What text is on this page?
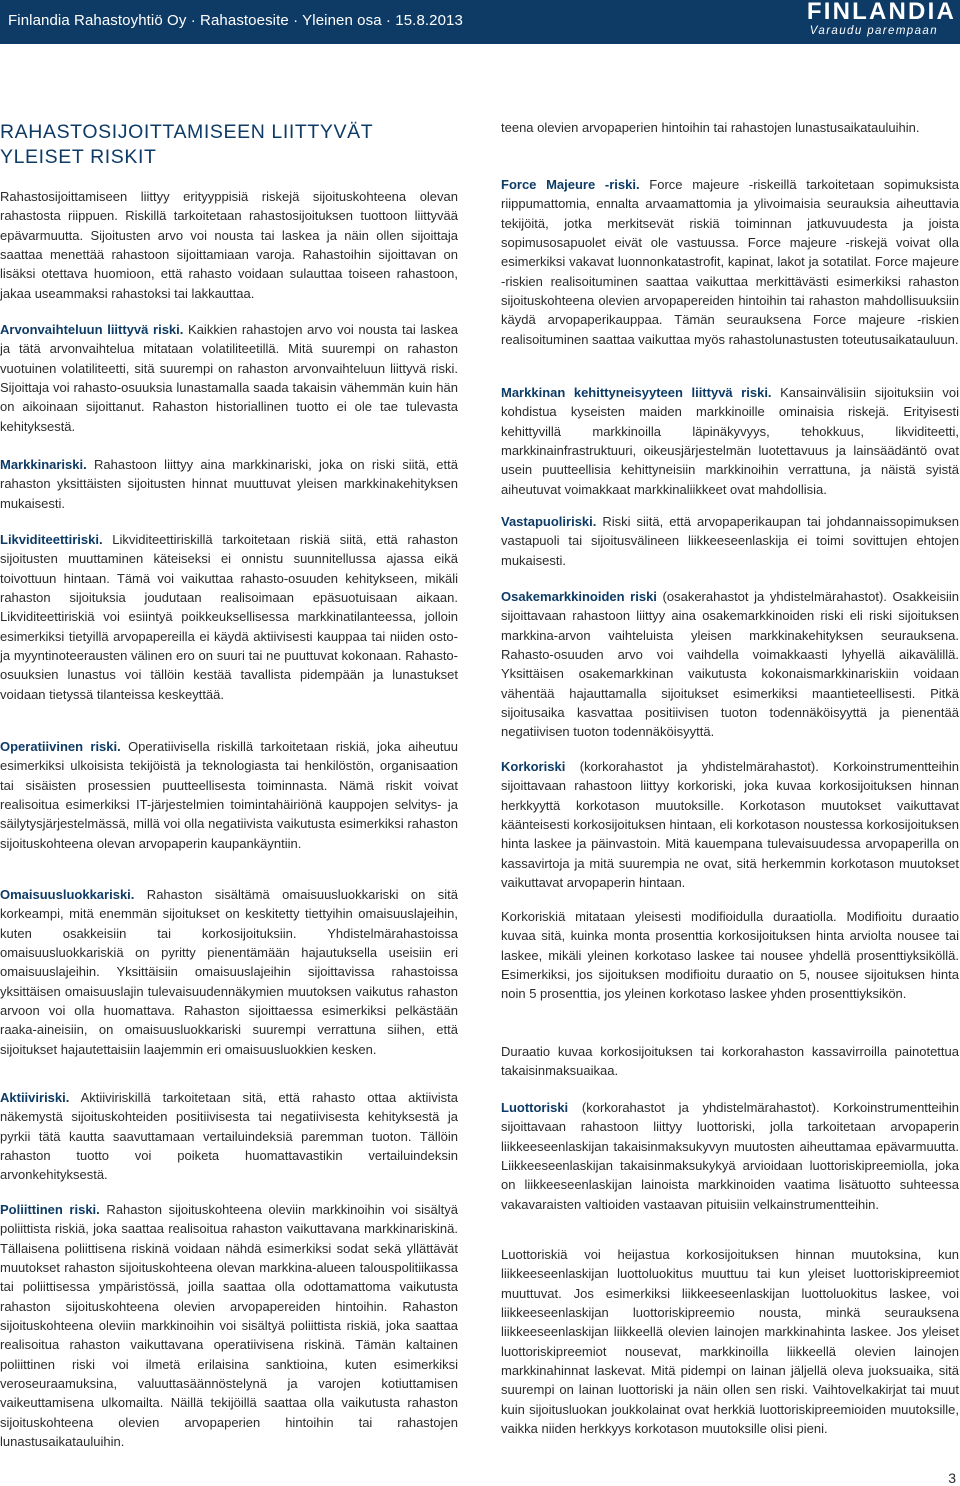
Finlandia Rahastoyhtiö Oy · Rahastoesite · Yleinen osa · 15.8.2013	FINLANDIA
Varaudu parempaan
RAHASTOSIJOITTAMISEEN LIITTYVÄT
YLEISET RISKIT

Rahastosijoittamiseen liittyy erityyppisiä riskejä sijoituskohteena olevan rahastosta riippuen. Riskillä tarkoitetaan rahastosijoituksen tuottoon liittyvää epävarmuutta. Sijoitusten arvo voi nousta tai laskea ja näin ollen sijoittaja saattaa menettää rahastoon sijoittamiaan varoja. Rahastoihin sijoittavan on lisäksi otettava huomioon, että rahasto voidaan sulauttaa toiseen rahastoon, jakaa useammaksi rahastoksi tai lakkauttaa.

Arvonvaihteluun liittyvä riski. Kaikkien rahastojen arvo voi nousta tai laskea ja tätä arvonvaihtelua mitataan volatiliteetillä. Mitä suurempi on rahaston vuotuinen volatiliteetti, sitä suurempi on rahaston arvonvaihteluun liittyvä riski. Sijoittaja voi rahasto-osuuksia lunastamalla saada takaisin vähemmän kuin hän on aikoinaan sijoittanut. Rahaston historiallinen tuotto ei ole tae tulevasta kehityksestä.

Markkinariski. Rahastoon liittyy aina markkinariski, joka on riski siitä, että rahaston yksittäisten sijoitusten hinnat muuttuvat yleisen markkinakehityksen mukaisesti.

Likviditeettiriski. Likviditeettiriskillä tarkoitetaan riskiä siitä, että rahaston sijoitusten muuttaminen käteiseksi ei onnistu suunnitellussa ajassa eikä toivottuun hintaan. Tämä voi vaikuttaa rahasto-osuuden kehitykseen, mikäli rahaston sijoituksia joudutaan realisoimaan epäsuotuisaan aikaan. Likviditeettiriskiä voi esiintyä poikkeuksellisessa markkinatilanteessa, jolloin esimerkiksi tietyillä arvopapereilla ei käydä aktiivisesti kauppaa tai niiden osto- ja myyntinoteerausten välinen ero on suuri tai ne puuttuvat kokonaan. Rahasto-osuuksien lunastus voi tällöin kestää tavallista pidempään ja lunastukset voidaan tietyssä tilanteissa keskeyttää.

Operatiivinen riski. Operatiivisella riskillä tarkoitetaan riskiä, joka aiheutuu esimerkiksi ulkoisista tekijöistä ja teknologiasta tai henkilöstön, organisaation tai sisäisten prosessien puutteellisesta toiminnasta. Nämä riskit voivat realisoitua esimerkiksi IT-järjestelmien toimintahäiriönä kauppojen selvitys- ja säilytysjärjestelmässä, millä voi olla negatiivista vaikutusta esimerkiksi rahaston sijoituskohteena olevan arvopaperin kaupankäyntiin.

Omaisuusluokkariski. Rahaston sisältämä omaisuusluokkariski on sitä korkeampi, mitä enemmän sijoitukset on keskitetty tiettyihin omaisuuslajeihin, kuten osakkeisiin tai korkosijoituksiin. Yhdistelmärahastoissa omaisuusluokkariskiä on pyritty pienentämään hajautuksella useisiin eri omaisuuslajeihin. Yksittäisiin omaisuuslajeihin sijoittavissa rahastoissa yksittäisen omaisuuslajin tulevaisuudennäkymien muutoksen vaikutus rahaston arvoon voi olla huomattava. Rahaston sijoittaessa esimerkiksi pelkästään raaka-aineisiin, on omaisuusluokkariski suurempi verrattuna siihen, että sijoitukset hajautettaisiin laajemmin eri omaisuusluokkien kesken.

Aktiiviriski. Aktiiviriskillä tarkoitetaan sitä, että rahasto ottaa aktiivista näkemystä sijoituskohteiden positiivisesta tai negatiivisesta kehityksestä ja pyrkii tätä kautta saavuttamaan vertailuindeksiä paremman tuoton. Tällöin rahaston tuotto voi poiketa huomattavastikin vertailuindeksin arvonkehityksestä.

Poliittinen riski. Rahaston sijoituskohteena oleviin markkinoihin voi sisältyä poliittista riskiä, joka saattaa realisoitua rahaston vaikuttavana markkinariskinä. Tällaisena poliittisena riskinä voidaan nähdä esimerkiksi sodat sekä yllättävät muutokset rahaston sijoituskohteena olevan markkina-alueen talouspolitiikassa tai poliittisessa ympäristössä, joilla saattaa olla odottamattoma vaikutusta rahaston sijoituskohteena olevien arvopapereiden hintoihin. Rahaston sijoituskohteena oleviin markkinoihin voi sisältyä poliittista riskiä, joka saattaa realisoitua rahaston vaikuttavana operatiivisena riskinä. Tämän kaltainen poliittinen riski voi ilmetä erilaisina sanktioina, kuten esimerkiksi veroseuraamuksina, valuuttasäännöstelynä ja varojen kotiuttamisen vaikeuttamisena ulkomailta. Näillä tekijöillä saattaa olla vaikutusta rahaston sijoituskohteena olevien arvopaperien hintoihin tai rahastojen lunastusaikatauluihin.

teena olevien arvopaperien hintoihin tai rahastojen lunastusaikatauluihin.

Force Majeure -riski. Force majeure -riskeillä tarkoitetaan sopimuksista riippumattomia, ennalta arvaamattomia ja ylivoimaisia seurauksia aiheuttavia tekijöitä, jotka merkitsevät riskiä toiminnan jatkuvuudesta ja joista sopimusosapuolet eivät ole vastuussa. Force majeure -riskejä voivat olla esimerkiksi vakavat luonnonkatastrofit, kapinat, lakot ja sotatilat. Force majeure -riskien realisoituminen saattaa vaikuttaa merkittävästi esimerkiksi rahaston sijoituskohteena olevien arvopapereiden hintoihin tai rahaston mahdollisuuksiin käydä arvopaperikauppaa. Tämän seurauksena Force majeure -riskien realisoituminen saattaa vaikuttaa myös rahastolunastusten toteutusaikatauluun.

Markkinan kehittyneisyyteen liittyvä riski. Kansainvälisiin sijoituksiin voi kohdistua kyseisten maiden markkinoille ominaisia riskejä. Erityisesti kehittyvillä markkinoilla läpinäkyvyys, tehokkuus, likviditeetti, markkinainfrastruktuuri, oikeusjärjestelmän luotettavuus ja lainsäädäntö ovat usein puutteellisia kehittyneisiin markkinoihin verrattuna, ja näistä syistä aiheutuvat voimakkaat markkinaliikkeet ovat mahdollisia.

Vastapuoliriski. Riski siitä, että arvopaperikaupan tai johdannaissopimuksen vastapuoli tai sijoitusvälineen liikkeeseenlaskija ei toimi sovittujen ehtojen mukaisesti.

Osakemarkkinoiden riski (osakerahastot ja yhdistelmärahastot). Osakkeisiin sijoittavaan rahastoon liittyy aina osakemarkkinoiden riski eli riski sijoituksen markkina-arvon vaihteluista yleisen markkinakehityksen seurauksena. Rahasto-osuuden arvo voi vaihdella voimakkaasti lyhyellä aikavälillä. Yksittäisen osakemarkkinan vaikutusta kokonaismarkkinariskiin voidaan vähentää hajauttamalla sijoitukset esimerkiksi maantieteellisesti. Pitkä sijoitusaika kasvattaa positiivisen tuoton todennäköisyyttä ja pienentää negatiivisen tuoton todennäköisyyttä.

Korkoriski (korkorahastot ja yhdistelmärahastot). Korkoinstrumentteihin sijoittavaan rahastoon liittyy korkoriski, joka kuvaa korkosijoituksen hinnan herkkyyttä korkotason muutoksille. Korkotason muutokset vaikuttavat käänteisesti korkosijoituksen hintaan, eli korkotason noustessa korkosijoituksen hinta laskee ja päinvastoin. Mitä kauempana tulevaisuudessa arvopaperilla on kassavirtoja ja mitä suurempia ne ovat, sitä herkemmin korkotason muutokset vaikuttavat arvopaperin hintaan.

Korkoriskiä mitataan yleisesti modifioidulla duraatiolla. Modifioitu duraatio kuvaa sitä, kuinka monta prosenttia korkosijoituksen hinta arviolta nousee tai laskee, mikäli yleinen korkotaso laskee tai nousee yhdellä prosenttiyksiköllä. Esimerkiksi, jos sijoituksen modifioitu duraatio on 5, nousee sijoituksen hinta noin 5 prosenttia, jos yleinen korkotaso laskee yhden prosenttiyksikön.

Duraatio kuvaa korkosijoituksen tai korkorahaston kassavirroilla painotettua takaisinmaksuaikaa.

Luottoriski (korkorahastot ja yhdistelmärahastot). Korkoinstrumentteihin sijoittavaan rahastoon liittyy luottoriski, jolla tarkoitetaan arvopaperin liikkeeseenlaskijan takaisinmaksukyvyn muutosten aiheuttamaa epävarmuutta. Liikkeeseenlaskijan takaisinmaksukykyä arvioidaan luottoriskipreemiolla, joka on liikkeeseenlaskijan lainoista markkinoiden vaatima lisätuotto suhteessa vakavaraisten valtioiden vastaavan pituisiin velkainstrumentteihin.

Luottoriskiä voi heijastua korkosijoituksen hinnan muutoksina, kun liikkeeseenlaskijan luottoluokitus muuttuu tai kun yleiset luottoriskipreemiot muuttuvat. Jos esimerkiksi liikkeeseenlaskijan luottoluokitus laskee, voi liikkeeseenlaskijan luottoriskipreemio nousta, minkä seurauksena liikkeeseenlaskijan liikkeellä olevien lainojen markkinahinta laskee. Jos yleiset luottoriskipreemiot nousevat, markkinoilla liikkeellä olevien lainojen markkinahinnat laskevat. Mitä pidempi on lainan jäljellä oleva juoksuaika, sitä suurempi on lainan luottoriski ja näin ollen sen riski. Vaihtovelkakirjat tai muut kuin sijoitusluokan joukkolainat ovat herkkiä luottoriskipreemioiden muutoksille, vaikka niiden herkkyys korkotason muutoksille olisi pieni.

3
